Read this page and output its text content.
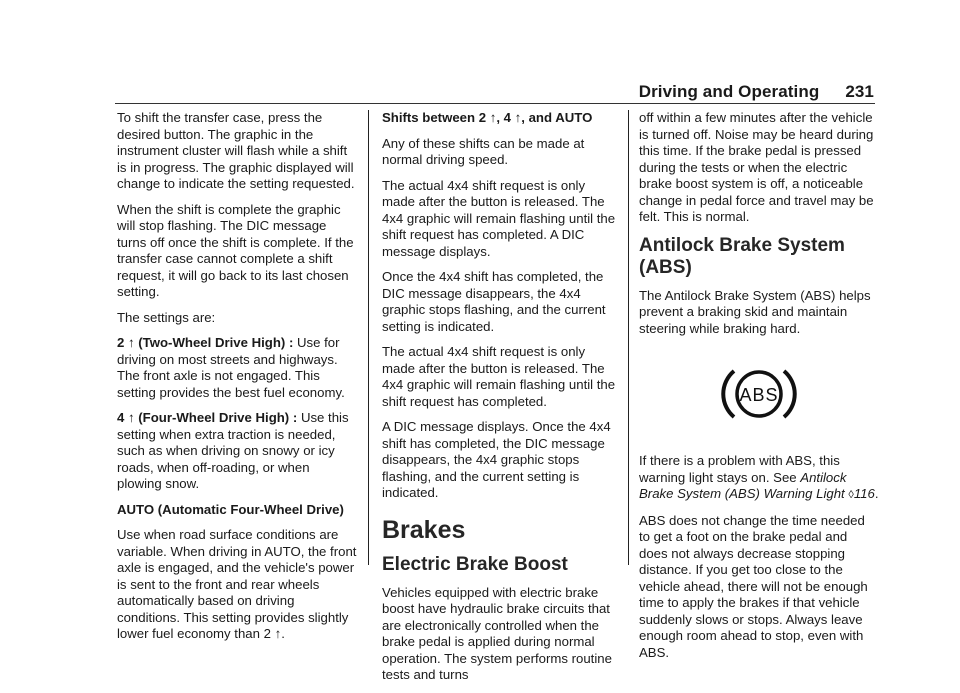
Driving and Operating 231

To shift the transfer case, press the desired button. The graphic in the instrument cluster will flash while a shift is in progress. The graphic displayed will change to indicate the setting requested.

When the shift is complete the graphic will stop flashing. The DIC message turns off once the shift is complete. If the transfer case cannot complete a shift request, it will go back to its last chosen setting.

The settings are:

2 ↑ (Two-Wheel Drive High) : Use for driving on most streets and highways. The front axle is not engaged. This setting provides the best fuel economy.

4 ↑ (Four-Wheel Drive High) : Use this setting when extra traction is needed, such as when driving on snowy or icy roads, when off-roading, or when plowing snow.

AUTO (Automatic Four-Wheel Drive)

Use when road surface conditions are variable. When driving in AUTO, the front axle is engaged, and the vehicle's power is sent to the front and rear wheels automatically based on driving conditions. This setting provides slightly lower fuel economy than 2 ↑.

Shifts between 2 ↑, 4 ↑, and AUTO

Any of these shifts can be made at normal driving speed.

The actual 4x4 shift request is only made after the button is released. The 4x4 graphic will remain flashing until the shift request has completed. A DIC message displays.

Once the 4x4 shift has completed, the DIC message disappears, the 4x4 graphic stops flashing, and the current setting is indicated.

The actual 4x4 shift request is only made after the button is released. The 4x4 graphic will remain flashing until the shift request has completed.

A DIC message displays. Once the 4x4 shift has completed, the DIC message disappears, the 4x4 graphic stops flashing, and the current setting is indicated.

Brakes
Electric Brake Boost

Vehicles equipped with electric brake boost have hydraulic brake circuits that are electronically controlled when the brake pedal is applied during normal operation. The system performs routine tests and turns

off within a few minutes after the vehicle is turned off. Noise may be heard during this time. If the brake pedal is pressed during the tests or when the electric brake boost system is off, a noticeable change in pedal force and travel may be felt. This is normal.

Antilock Brake System (ABS)

The Antilock Brake System (ABS) helps prevent a braking skid and maintain steering while braking hard.

ABS

If there is a problem with ABS, this warning light stays on. See Antilock Brake System (ABS) Warning Light ◊116.

ABS does not change the time needed to get a foot on the brake pedal and does not always decrease stopping distance. If you get too close to the vehicle ahead, there will not be enough time to apply the brakes if that vehicle suddenly slows or stops. Always leave enough room ahead to stop, even with ABS.
